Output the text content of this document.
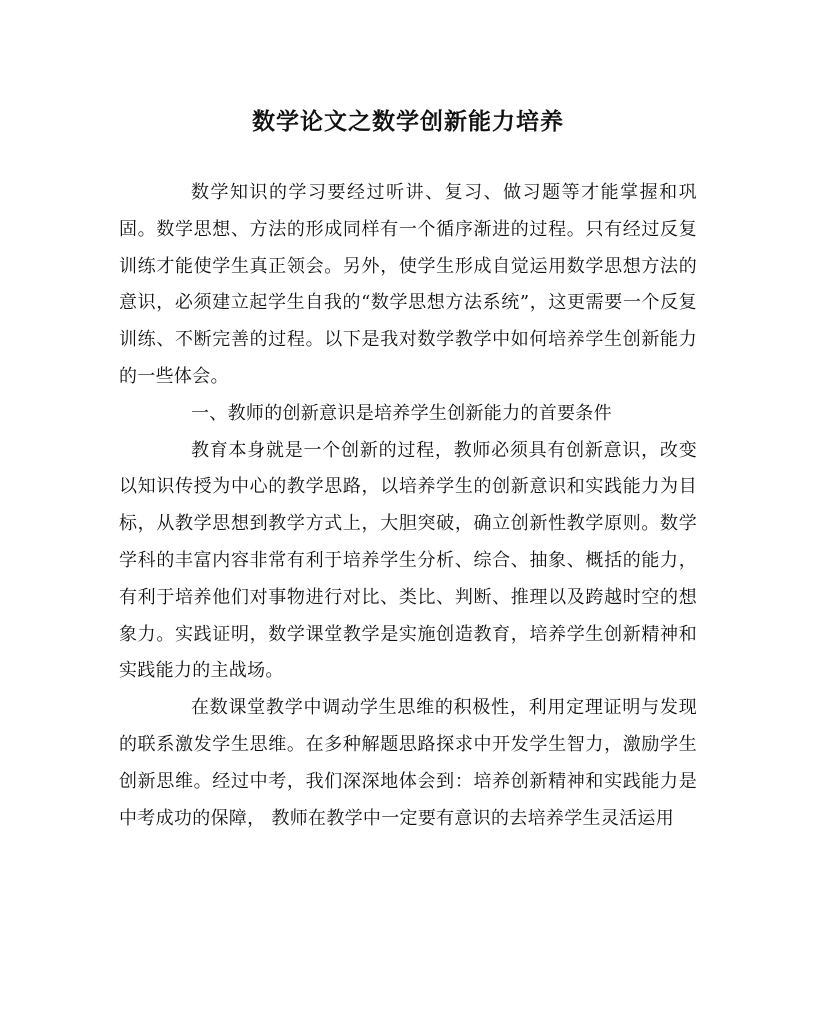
数学论文之数学创新能力培养

数学知识的学习要经过听讲、复习、做习题等才能掌握和巩固。数学思想、方法的形成同样有一个循序渐进的过程。只有经过反复训练才能使学生真正领会。另外，使学生形成自觉运用数学思想方法的意识，必须建立起学生自我的“数学思想方法系统”，这更需要一个反复训练、不断完善的过程。以下是我对数学教学中如何培养学生创新能力的一些体会。

一、教师的创新意识是培养学生创新能力的首要条件

教育本身就是一个创新的过程，教师必须具有创新意识，改变以知识传授为中心的教学思路，以培养学生的创新意识和实践能力为目标，从教学思想到教学方式上，大胆突破，确立创新性教学原则。数学学科的丰富内容非常有利于培养学生分析、综合、抽象、概括的能力，有利于培养他们对事物进行对比、类比、判断、推理以及跨越时空的想象力。实践证明，数学课堂教学是实施创造教育，培养学生创新精神和实践能力的主战场。

在数课堂教学中调动学生思维的积极性，利用定理证明与发现的联系激发学生思维。在多种解题思路探求中开发学生智力，激励学生创新思维。经过中考，我们深深地体会到：培养创新精神和实践能力是中考成功的保障， 教师在教学中一定要有意识的去培养学生灵活运用
